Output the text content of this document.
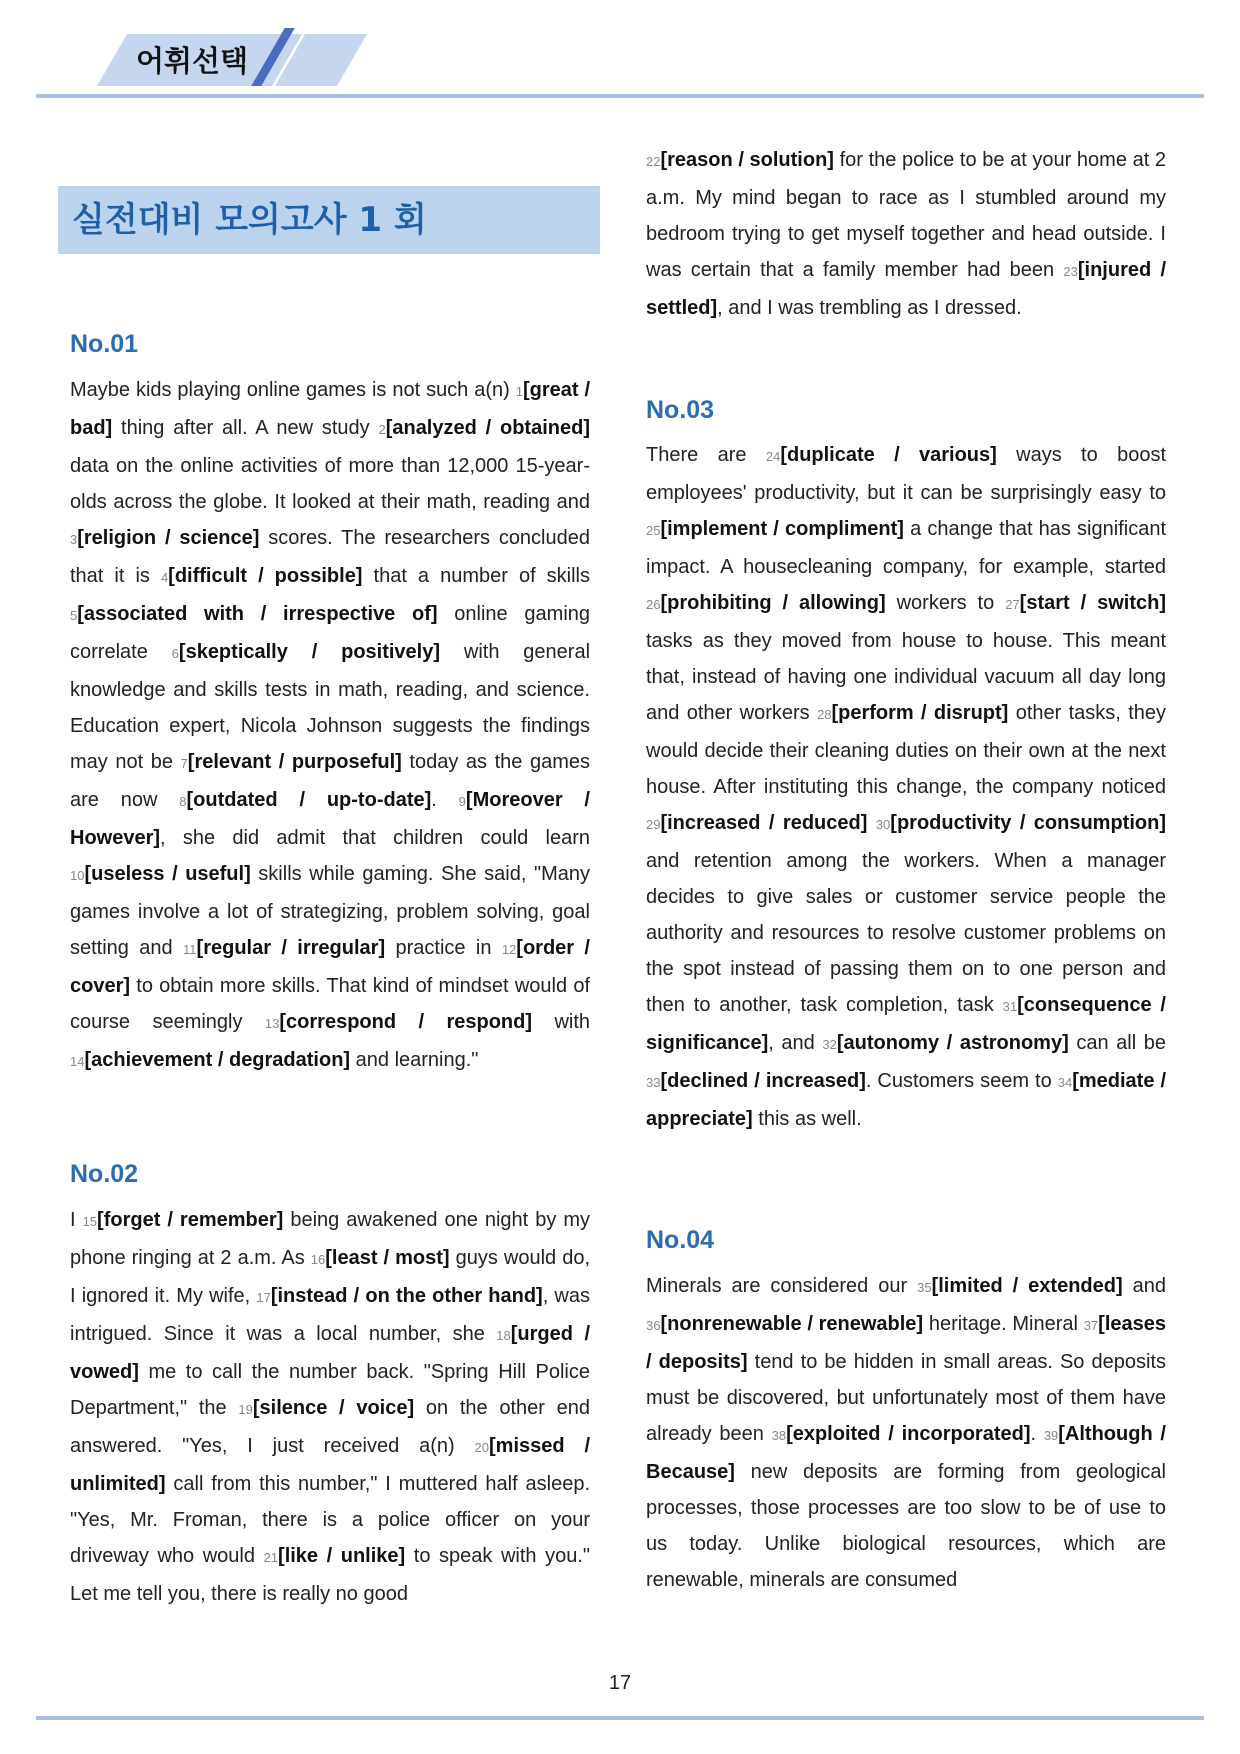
어휘선택
실전대비 모의고사 1 회
No.01
Maybe kids playing online games is not such a(n) 1[great / bad] thing after all. A new study 2[analyzed / obtained] data on the online activities of more than 12,000 15-year-olds across the globe. It looked at their math, reading and 3[religion / science] scores. The researchers concluded that it is 4[difficult / possible] that a number of skills 5[associated with / irrespective of] online gaming correlate 6[skeptically / positively] with general knowledge and skills tests in math, reading, and science. Education expert, Nicola Johnson suggests the findings may not be 7[relevant / purposeful] today as the games are now 8[outdated / up-to-date]. 9[Moreover / However], she did admit that children could learn 10[useless / useful] skills while gaming. She said, "Many games involve a lot of strategizing, problem solving, goal setting and 11[regular / irregular] practice in 12[order / cover] to obtain more skills. That kind of mindset would of course seemingly 13[correspond / respond] with 14[achievement / degradation] and learning."
No.02
I 15[forget / remember] being awakened one night by my phone ringing at 2 a.m. As 16[least / most] guys would do, I ignored it. My wife, 17[instead / on the other hand], was intrigued. Since it was a local number, she 18[urged / vowed] me to call the number back. "Spring Hill Police Department," the 19[silence / voice] on the other end answered. "Yes, I just received a(n) 20[missed / unlimited] call from this number," I muttered half asleep. "Yes, Mr. Froman, there is a police officer on your driveway who would 21[like / unlike] to speak with you." Let me tell you, there is really no good
22[reason / solution] for the police to be at your home at 2 a.m. My mind began to race as I stumbled around my bedroom trying to get myself together and head outside. I was certain that a family member had been 23[injured / settled], and I was trembling as I dressed.
No.03
There are 24[duplicate / various] ways to boost employees' productivity, but it can be surprisingly easy to 25[implement / compliment] a change that has significant impact. A housecleaning company, for example, started 26[prohibiting / allowing] workers to 27[start / switch] tasks as they moved from house to house. This meant that, instead of having one individual vacuum all day long and other workers 28[perform / disrupt] other tasks, they would decide their cleaning duties on their own at the next house. After instituting this change, the company noticed 29[increased / reduced] 30[productivity / consumption] and retention among the workers. When a manager decides to give sales or customer service people the authority and resources to resolve customer problems on the spot instead of passing them on to one person and then to another, task completion, task 31[consequence / significance], and 32[autonomy / astronomy] can all be 33[declined / increased]. Customers seem to 34[mediate / appreciate] this as well.
No.04
Minerals are considered our 35[limited / extended] and 36[nonrenewable / renewable] heritage. Mineral 37[leases / deposits] tend to be hidden in small areas. So deposits must be discovered, but unfortunately most of them have already been 38[exploited / incorporated]. 39[Although / Because] new deposits are forming from geological processes, those processes are too slow to be of use to us today. Unlike biological resources, which are renewable, minerals are consumed
17
